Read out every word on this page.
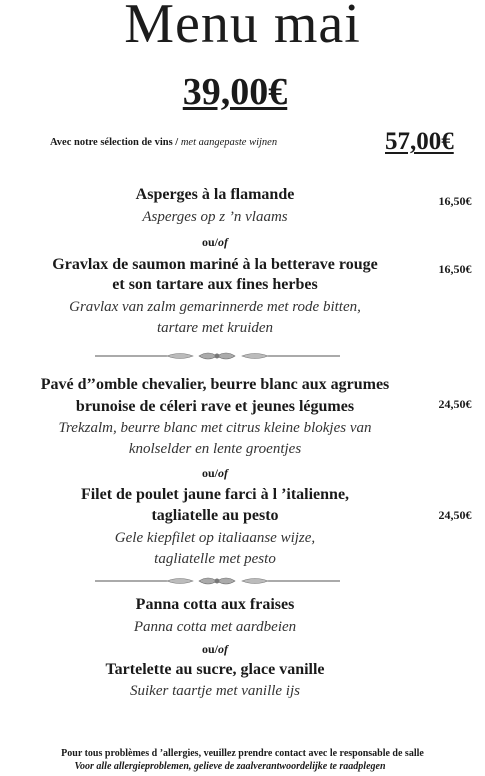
Menu mai
39,00€
Avec notre sélection de vins / met aangepaste wijnen	57,00€
Asperges à la flamande
Asperges op z ’n vlaams
16,50€
ou/of
Gravlax de saumon mariné à la betterave rouge
et son tartare aux fines herbes
Gravlax van zalm gemarinnerde met rode bitten,
tartare met kruiden
16,50€
Pavé d’’omble chevalier, beurre blanc aux agrumes
brunoise de céleri rave et jeunes légumes
Trekzalm, beurre blanc met citrus kleine blokjes van
knolselder en lente groentjes
24,50€
ou/of
Filet de poulet jaune farci à l ’italienne,
tagliatelle au pesto
Gele kiepfilet op italiaanse wijze,
tagliatelle met pesto
24,50€
Panna cotta aux fraises
Panna cotta met aardbeien
ou/of
Tartelette au sucre, glace vanille
Suiker taartje met vanille ijs
Pour tous problèmes d ’allergies, veuillez prendre contact avec le responsable de salle
Voor alle allergieproblemen, gelieve de zaalverantwoordelijke te raadplegen
